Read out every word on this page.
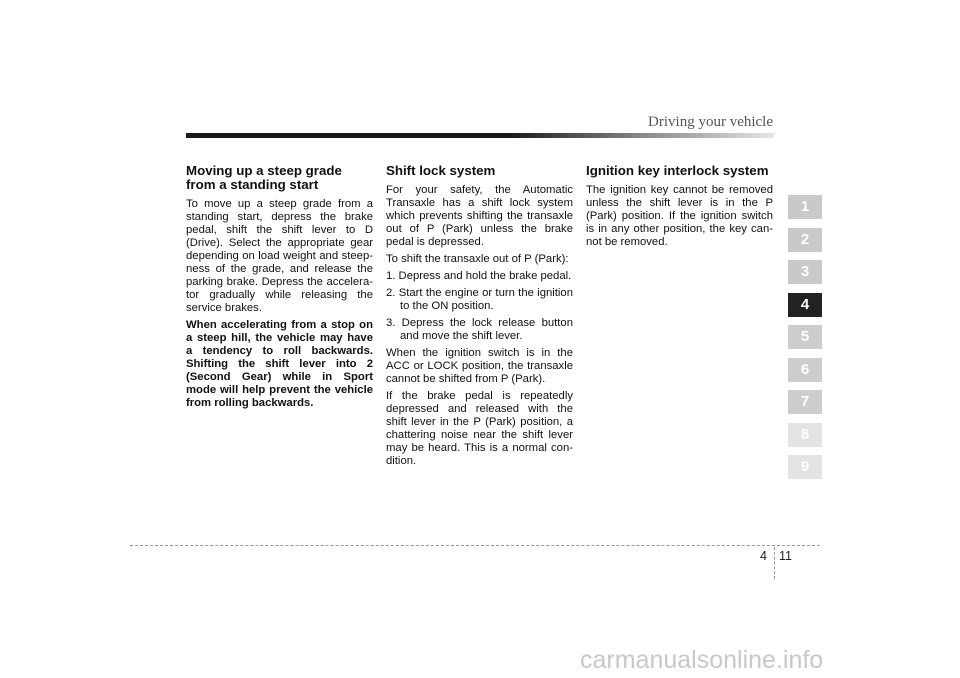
Driving your vehicle
Moving up a steep grade from a standing start

To move up a steep grade from a standing start, depress the brake pedal, shift the shift lever to D (Drive). Select the appropriate gear depending on load weight and steep-ness of the grade, and release the parking brake. Depress the accelera-tor gradually while releasing the service brakes.

When accelerating from a stop on a steep hill, the vehicle may have a tendency to roll backwards. Shifting the shift lever into 2 (Second Gear) while in Sport mode will help prevent the vehicle from rolling backwards.

Shift lock system

For your safety, the Automatic Transaxle has a shift lock system which prevents shifting the transaxle out of P (Park) unless the brake pedal is depressed.

To shift the transaxle out of P (Park):

1. Depress and hold the brake pedal.

2. Start the engine or turn the ignition to the ON position.

3. Depress the lock release button and move the shift lever.

When the ignition switch is in the ACC or LOCK position, the transaxle cannot be shifted from P (Park).

If the brake pedal is repeatedly depressed and released with the shift lever in the P (Park) position, a chattering noise near the shift lever may be heard. This is a normal con-dition.

Ignition key interlock system

The ignition key cannot be removed unless the shift lever is in the P (Park) position. If the ignition switch is in any other position, the key can-not be removed.

1
2
3
4
5
6
7
8
9
4 11
carmanualsonline.info
